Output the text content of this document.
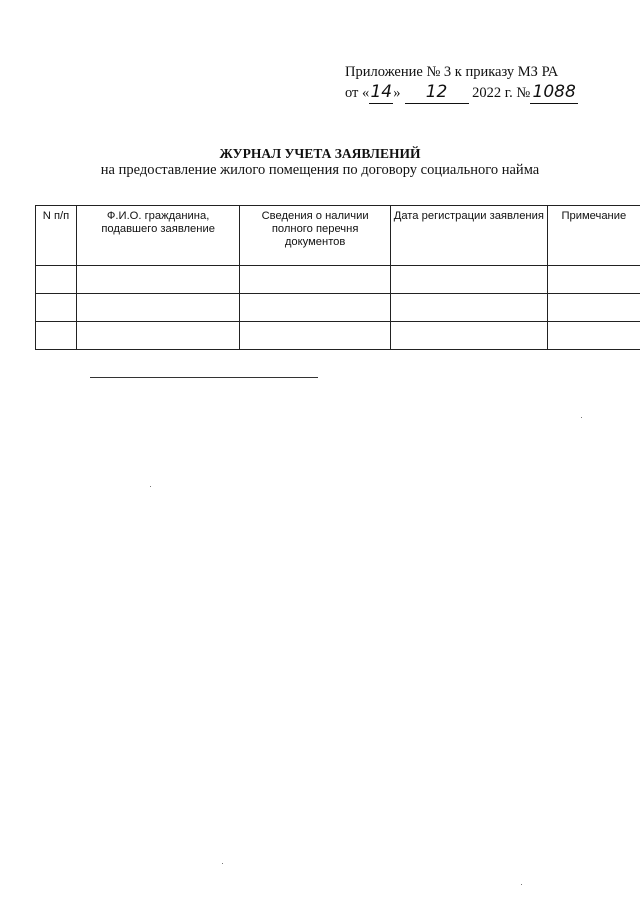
Приложение № 3 к приказу МЗ РА
от «14» 12 2022 г. № 1088
ЖУРНАЛ УЧЕТА ЗАЯВЛЕНИЙ
на предоставление жилого помещения по договору социального найма
N п/п	Ф.И.О. гражданина, подавшего заявление	Сведения о наличии полного перечня документов	Дата регистрации заявления	Примечание
